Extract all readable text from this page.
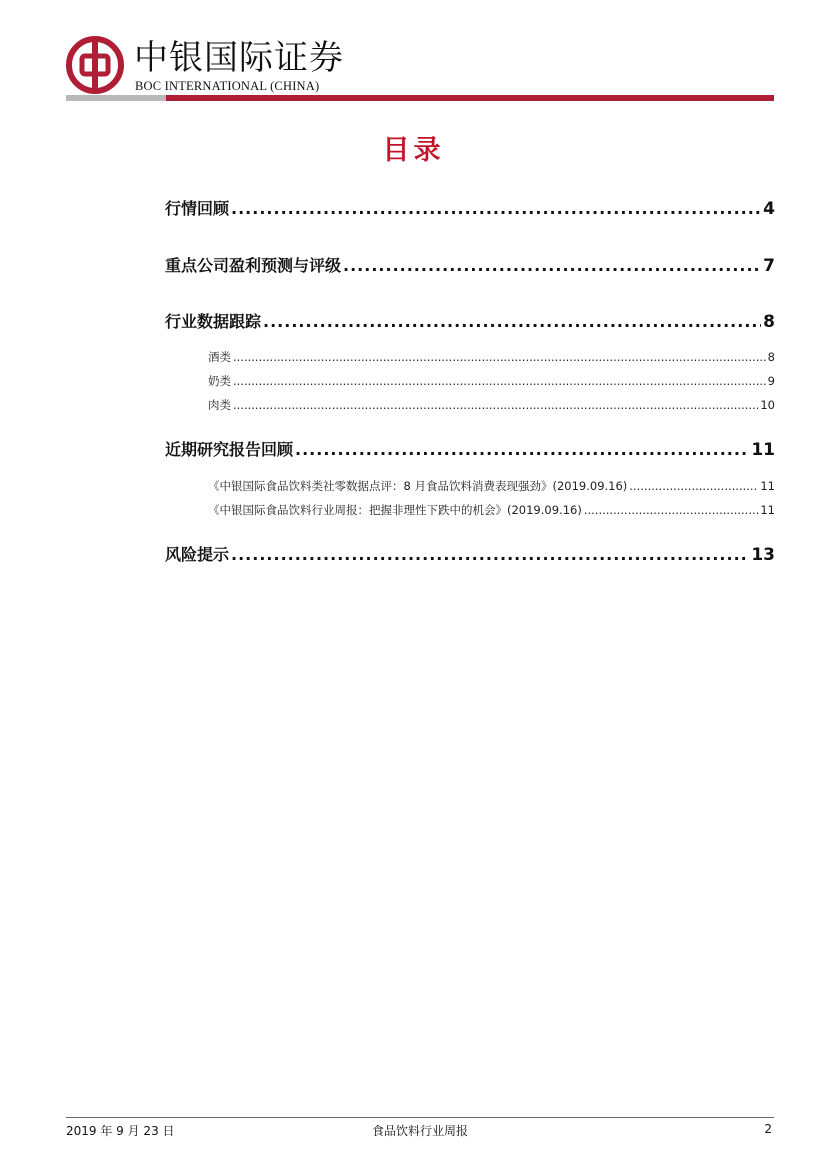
中银国际证券
BOC INTERNATIONAL (CHINA)
目录
行情回顾 .....	4
重点公司盈利预测与评级 .....	7
行业数据跟踪 .....	8
酒类 .....	8
奶类 .....	9
肉类 .....	10
近期研究报告回顾 .....	11
《中银国际食品饮料类社零数据点评：8 月食品饮料消费表现强劲》(2019.09.16) .....	11
《中银国际食品饮料行业周报：把握非理性下跌中的机会》(2019.09.16) .....	11
风险提示 .....	13
2019 年 9 月 23 日	食品饮料行业周报	2
